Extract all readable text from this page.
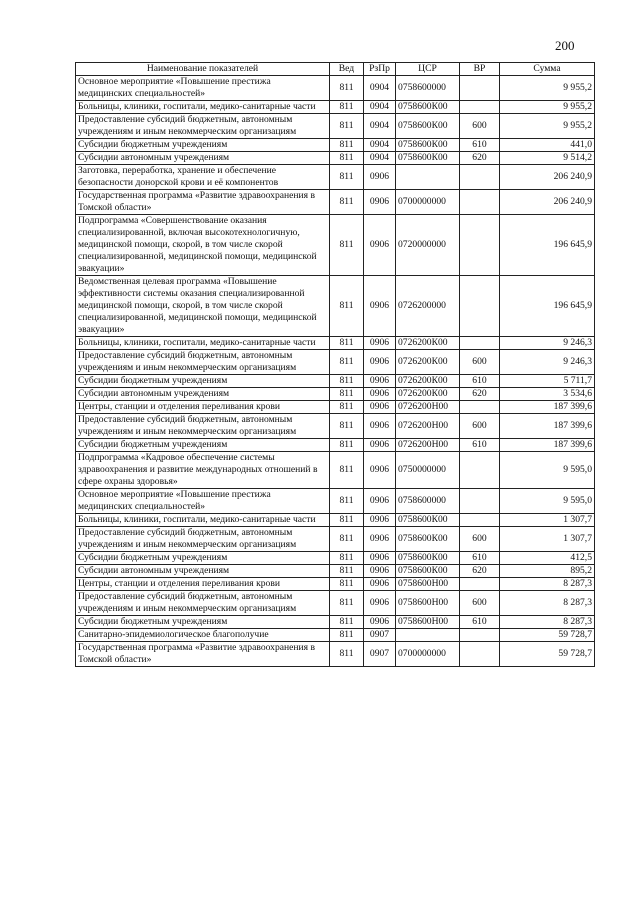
200
Наименование показателей	Вед	РзПр	ЦСР	ВР	Сумма
Основное мероприятие «Повышение престижа медицинских специальностей»	811	0904	0758600000		9 955,2
Больницы, клиники, госпитали, медико-санитарные части	811	0904	0758600К00		9 955,2
Предоставление субсидий бюджетным, автономным учреждениям и иным некоммерческим организациям	811	0904	0758600К00	600	9 955,2
Субсидии бюджетным учреждениям	811	0904	0758600К00	610	441,0
Субсидии автономным учреждениям	811	0904	0758600К00	620	9 514,2
Заготовка, переработка, хранение и обеспечение безопасности донорской крови и её компонентов	811	0906			206 240,9
Государственная программа «Развитие здравоохранения в Томской области»	811	0906	0700000000		206 240,9
Подпрограмма «Совершенствование оказания специализированной, включая высокотехнологичную, медицинской помощи, скорой, в том числе скорой специализированной, медицинской помощи, медицинской эвакуации»	811	0906	0720000000		196 645,9
Ведомственная целевая программа «Повышение эффективности системы оказания специализированной медицинской помощи, скорой, в том числе скорой специализированной, медицинской помощи, медицинской эвакуации»	811	0906	0726200000		196 645,9
Больницы, клиники, госпитали, медико-санитарные части	811	0906	0726200К00		9 246,3
Предоставление субсидий бюджетным, автономным учреждениям и иным некоммерческим организациям	811	0906	0726200К00	600	9 246,3
Субсидии бюджетным учреждениям	811	0906	0726200К00	610	5 711,7
Субсидии автономным учреждениям	811	0906	0726200К00	620	3 534,6
Центры, станции и отделения переливания крови	811	0906	0726200Н00		187 399,6
Предоставление субсидий бюджетным, автономным учреждениям и иным некоммерческим организациям	811	0906	0726200Н00	600	187 399,6
Субсидии бюджетным учреждениям	811	0906	0726200Н00	610	187 399,6
Подпрограмма «Кадровое обеспечение системы здравоохранения и развитие международных отношений в сфере охраны здоровья»	811	0906	0750000000		9 595,0
Основное мероприятие «Повышение престижа медицинских специальностей»	811	0906	0758600000		9 595,0
Больницы, клиники, госпитали, медико-санитарные части	811	0906	0758600К00		1 307,7
Предоставление субсидий бюджетным, автономным учреждениям и иным некоммерческим организациям	811	0906	0758600К00	600	1 307,7
Субсидии бюджетным учреждениям	811	0906	0758600К00	610	412,5
Субсидии автономным учреждениям	811	0906	0758600К00	620	895,2
Центры, станции и отделения переливания крови	811	0906	0758600Н00		8 287,3
Предоставление субсидий бюджетным, автономным учреждениям и иным некоммерческим организациям	811	0906	0758600Н00	600	8 287,3
Субсидии бюджетным учреждениям	811	0906	0758600Н00	610	8 287,3
Санитарно-эпидемиологическое благополучие	811	0907			59 728,7
Государственная программа «Развитие здравоохранения в Томской области»	811	0907	0700000000		59 728,7
